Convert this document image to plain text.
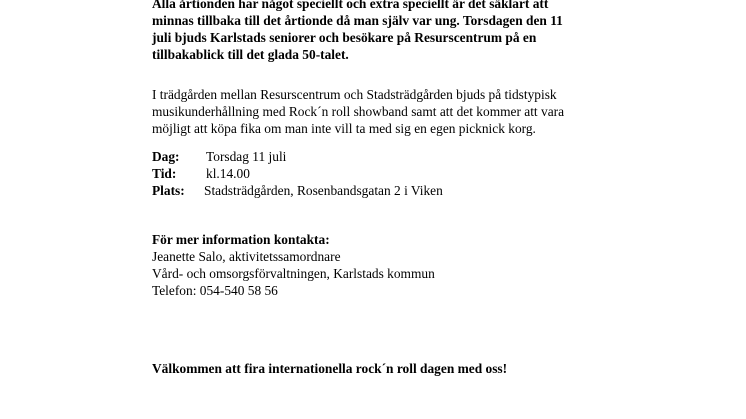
Alla årtionden har något speciellt och extra speciellt är det säklart att
minnas tillbaka till det årtionde då man själv var ung. Torsdagen den 11
juli bjuds Karlstads seniorer och besökare på Resurscentrum på en
tillbakablick till det glada 50-talet.

I trädgården mellan Resurscentrum och Stadsträdgården bjuds på tidstypisk
musikunderhållning med Rock´n roll showband samt att det kommer att vara
möjligt att köpa fika om man inte vill ta med sig en egen picknick korg.

Dag:	Torsdag 11 juli
Tid:	kl.14.00
Plats:	Stadsträdgården, Rosenbandsgatan 2 i Viken
För mer information kontakta:
Jeanette Salo, aktivitetssamordnare
Vård- och omsorgsförvaltningen, Karlstads kommun
Telefon: 054-540 58 56
Välkommen att fira internationella rock´n roll dagen med oss!
